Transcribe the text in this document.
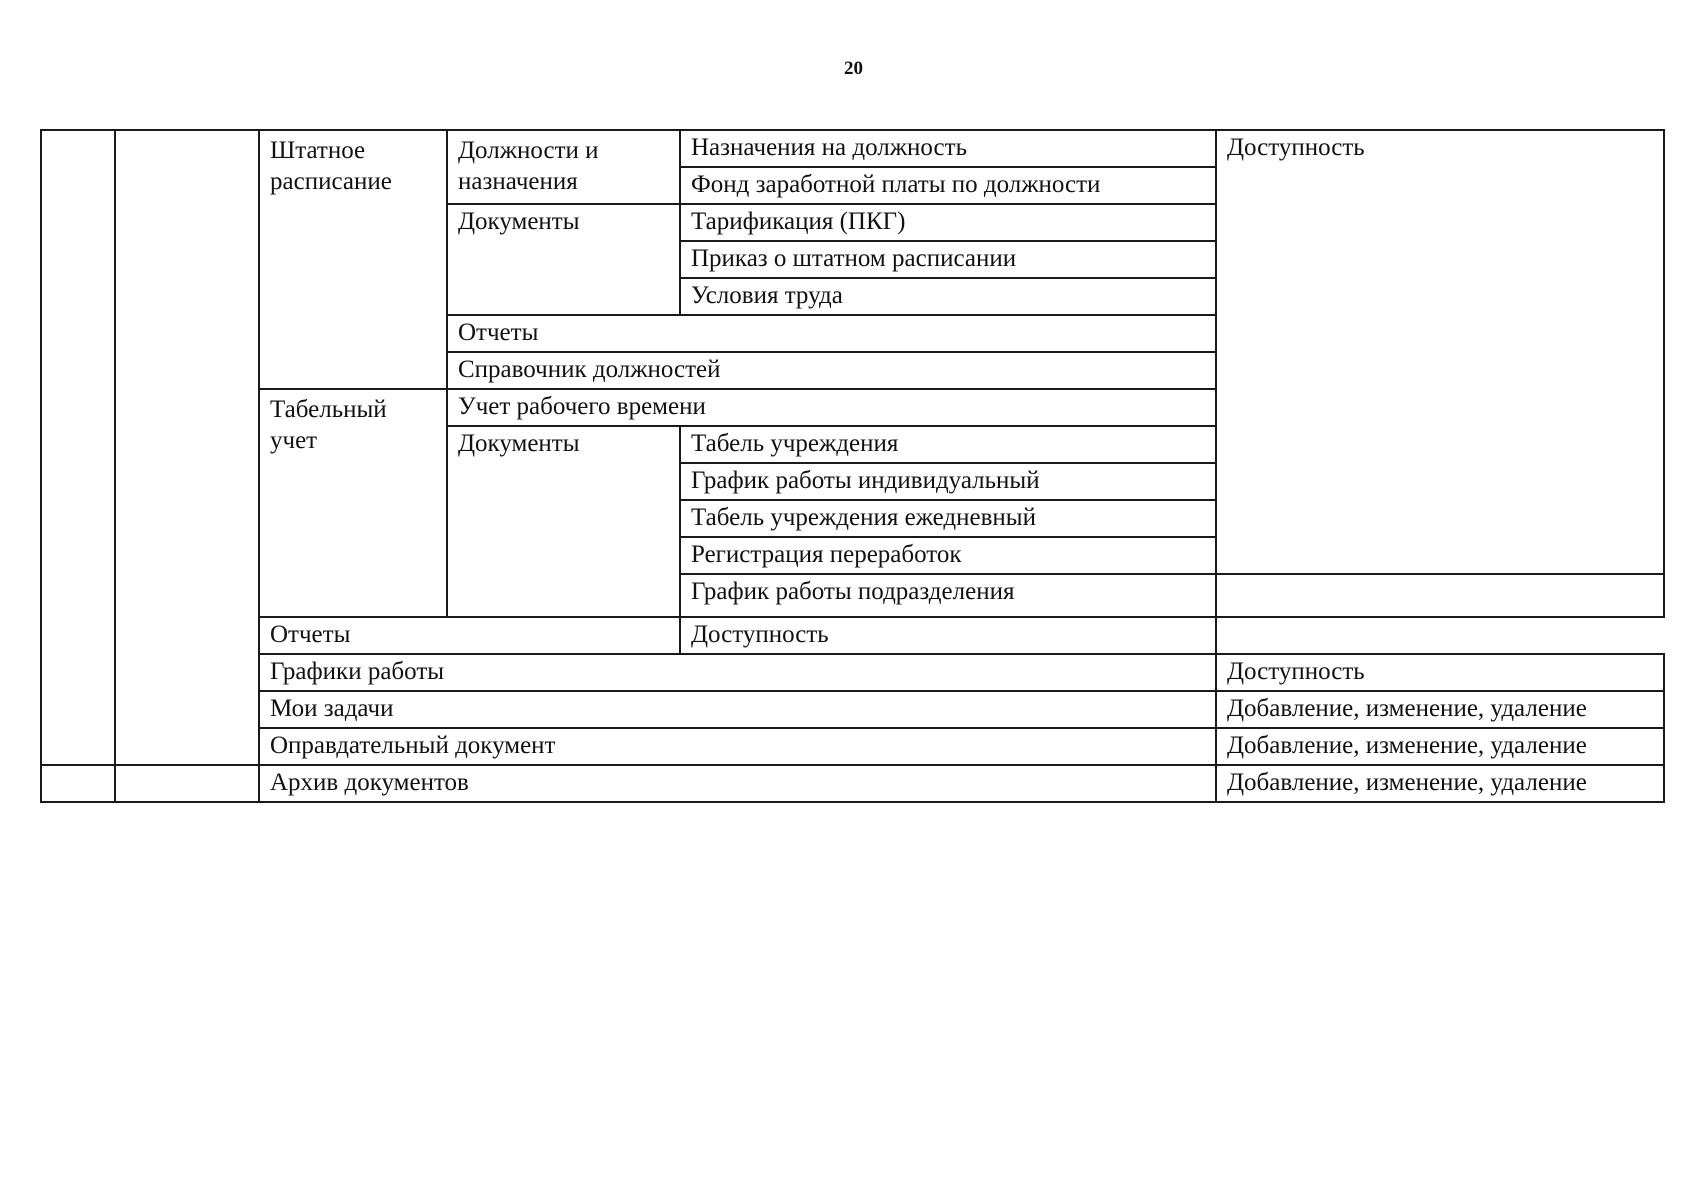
20
		Штатное расписание	Должности и назначения	Назначения на должность	Доступность
				Фонд заработной платы по должности	
			Документы	Тарификация (ПКГ)	
				Приказ о штатном расписании	
				Условия труда	
			Отчеты		
			Справочник должностей		
		Табельный учет	Учет рабочего времени		
			Документы	Табель учреждения	
				График работы индивидуальный	
				Табель учреждения ежедневный	
				Регистрация переработок	
				График работы подразделения	
		Отчеты		Доступность	
		Графики работы			Доступность
		Мои задачи			Добавление, изменение, удаление
		Оправдательный документ			Добавление, изменение, удаление
		Архив документов			Добавление, изменение, удаление
